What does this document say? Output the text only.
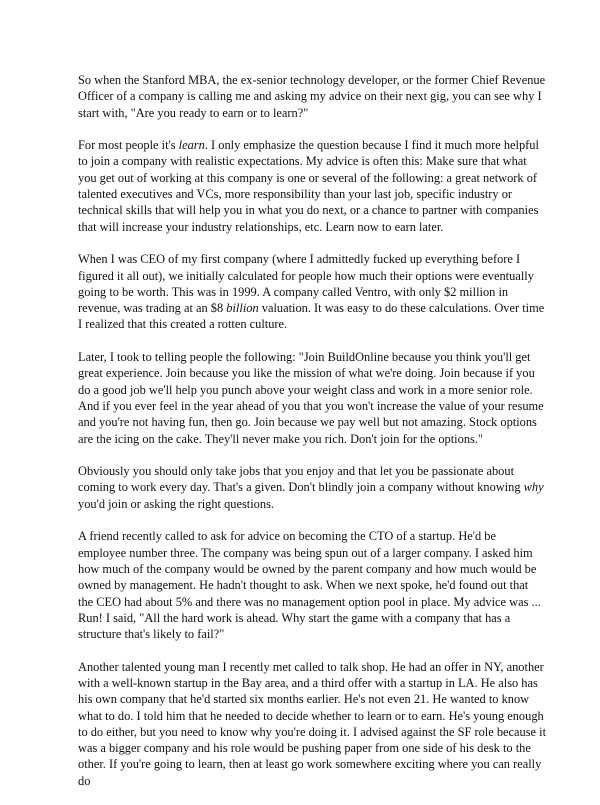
So when the Stanford MBA, the ex-senior technology developer, or the former Chief Revenue Officer of a company is calling me and asking my advice on their next gig, you can see why I start with, "Are you ready to earn or to learn?"

For most people it's learn. I only emphasize the question because I find it much more helpful to join a company with realistic expectations. My advice is often this: Make sure that what you get out of working at this company is one or several of the following: a great network of talented executives and VCs, more responsibility than your last job, specific industry or technical skills that will help you in what you do next, or a chance to partner with companies that will increase your industry relationships, etc. Learn now to earn later.

When I was CEO of my first company (where I admittedly fucked up everything before I figured it all out), we initially calculated for people how much their options were eventually going to be worth. This was in 1999. A company called Ventro, with only $2 million in revenue, was trading at an $8 billion valuation. It was easy to do these calculations. Over time I realized that this created a rotten culture.

Later, I took to telling people the following: "Join BuildOnline because you think you'll get great experience. Join because you like the mission of what we're doing. Join because if you do a good job we'll help you punch above your weight class and work in a more senior role. And if you ever feel in the year ahead of you that you won't increase the value of your resume and you're not having fun, then go. Join because we pay well but not amazing. Stock options are the icing on the cake. They'll never make you rich. Don't join for the options."

Obviously you should only take jobs that you enjoy and that let you be passionate about coming to work every day. That's a given. Don't blindly join a company without knowing why you'd join or asking the right questions.

A friend recently called to ask for advice on becoming the CTO of a startup. He'd be employee number three. The company was being spun out of a larger company. I asked him how much of the company would be owned by the parent company and how much would be owned by management. He hadn't thought to ask. When we next spoke, he'd found out that the CEO had about 5% and there was no management option pool in place. My advice was ... Run! I said, "All the hard work is ahead. Why start the game with a company that has a structure that's likely to fail?"

Another talented young man I recently met called to talk shop. He had an offer in NY, another with a well-known startup in the Bay area, and a third offer with a startup in LA. He also has his own company that he'd started six months earlier. He's not even 21. He wanted to know what to do. I told him that he needed to decide whether to learn or to earn. He's young enough to do either, but you need to know why you're doing it. I advised against the SF role because it was a bigger company and his role would be pushing paper from one side of his desk to the other. If you're going to learn, then at least go work somewhere exciting where you can really do
